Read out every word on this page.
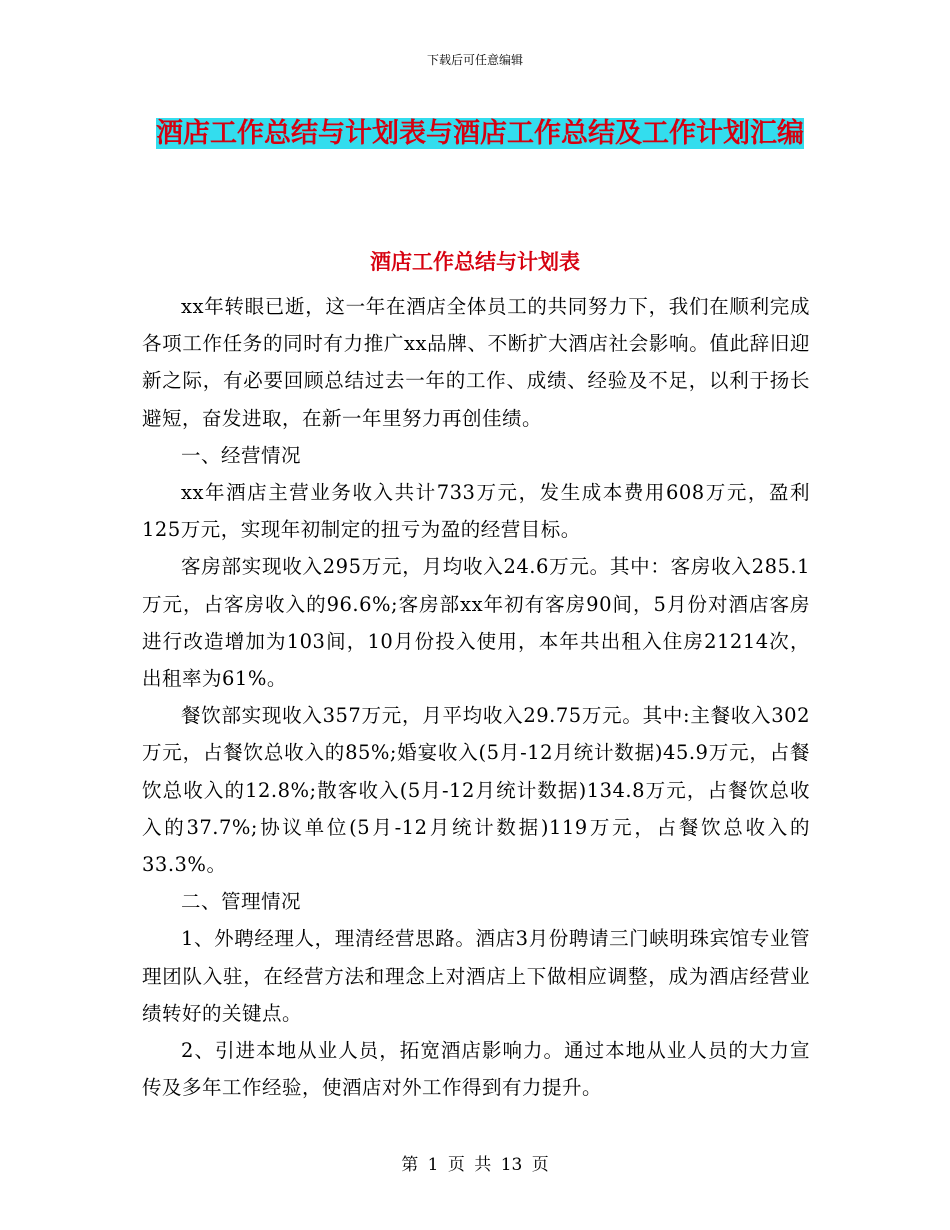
下载后可任意编辑
酒店工作总结与计划表与酒店工作总结及工作计划汇编
酒店工作总结与计划表

xx年转眼已逝，这一年在酒店全体员工的共同努力下，我们在顺利完成各项工作任务的同时有力推广xx品牌、不断扩大酒店社会影响。值此辞旧迎新之际，有必要回顾总结过去一年的工作、成绩、经验及不足，以利于扬长避短，奋发进取，在新一年里努力再创佳绩。

一、经营情况

xx年酒店主营业务收入共计733万元，发生成本费用608万元，盈利125万元，实现年初制定的扭亏为盈的经营目标。

客房部实现收入295万元，月均收入24.6万元。其中：客房收入285.1万元，占客房收入的96.6%;客房部xx年初有客房90间，5月份对酒店客房进行改造增加为103间，10月份投入使用，本年共出租入住房21214次，出租率为61%。

餐饮部实现收入357万元，月平均收入29.75万元。其中:主餐收入302万元，占餐饮总收入的85%;婚宴收入(5月-12月统计数据)45.9万元，占餐饮总收入的12.8%;散客收入(5月-12月统计数据)134.8万元，占餐饮总收入的37.7%;协议单位(5月-12月统计数据)119万元，占餐饮总收入的33.3%。

二、管理情况

1、外聘经理人，理清经营思路。酒店3月份聘请三门峡明珠宾馆专业管理团队入驻，在经营方法和理念上对酒店上下做相应调整，成为酒店经营业绩转好的关键点。

2、引进本地从业人员，拓宽酒店影响力。通过本地从业人员的大力宣传及多年工作经验，使酒店对外工作得到有力提升。

第 1 页 共 13 页
